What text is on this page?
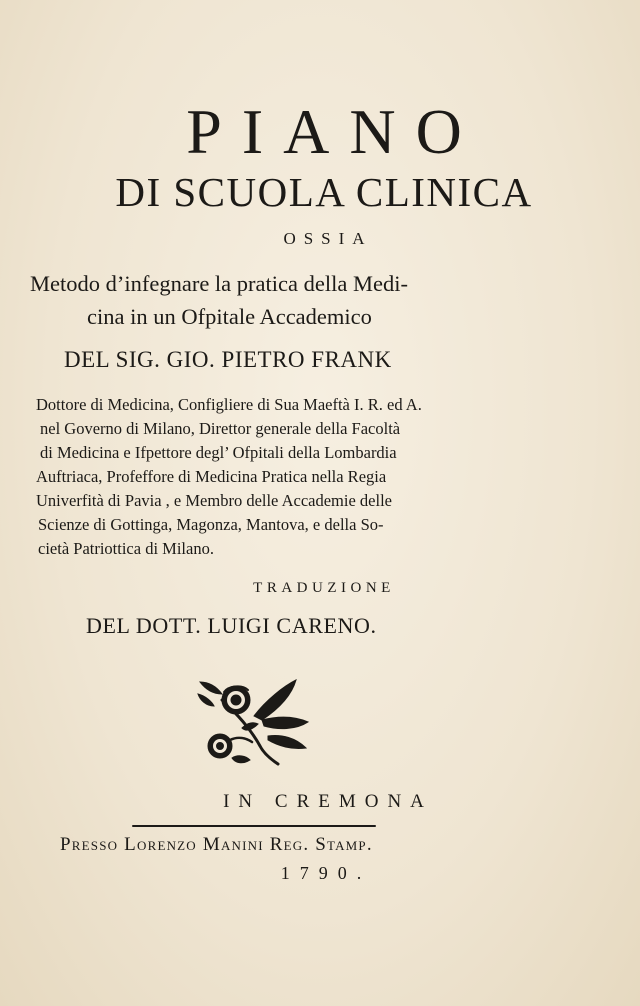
PIANO
DI SCUOLA CLINICA
OSSIA
Metodo d’infegnare la pratica della Medi-
cina in un Ofpitale Accademico
DEL SIG. GIO. PIETRO FRANK
Dottore di Medicina, Configliere di Sua Maeftà I. R. ed A.
nel Governo di Milano, Direttor generale della Facoltà
di Medicina e Ifpettore degl’ Ofpitali della Lombardia
Auftriaca, Profeffore di Medicina Pratica nella Regia
Univerfità di Pavia , e Membro delle Accademie delle
Scienze di Gottinga, Magonza, Mantova, e della So-
cietà Patriottica di Milano.
TRADUZIONE
DEL DOTT. LUIGI CARENO.
IN CREMONA
Presso Lorenzo Manini Reg. Stamp.
1790.
